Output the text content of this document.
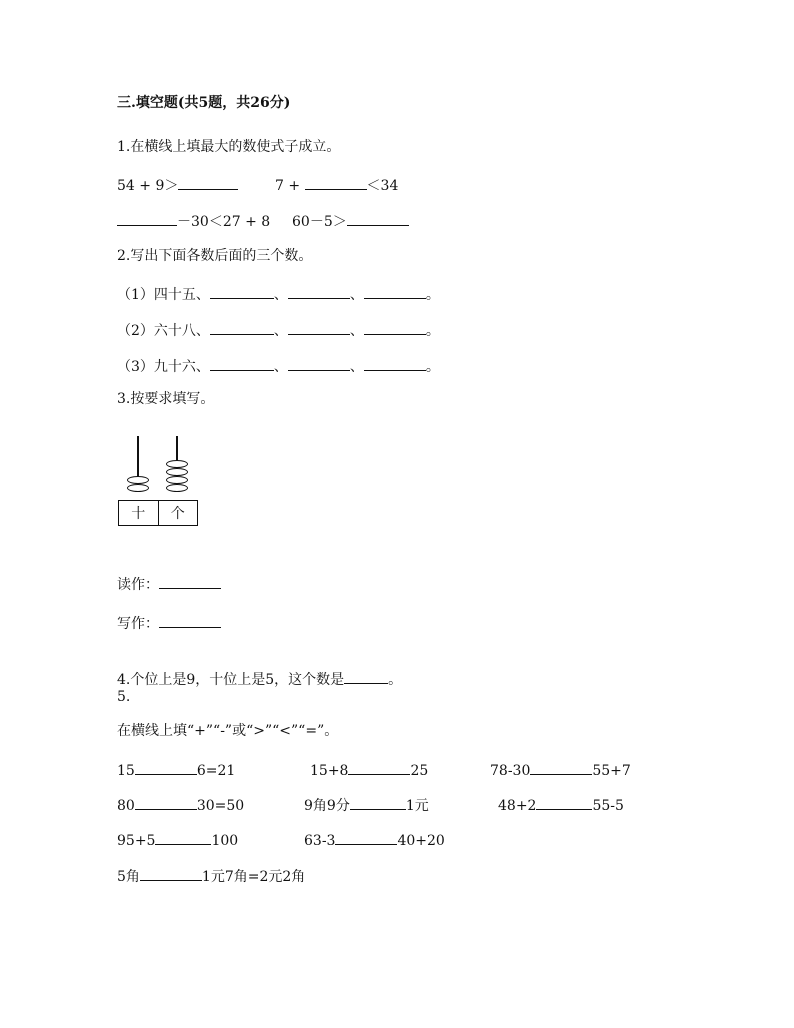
三.填空题(共5题，共26分)
1.在横线上填最大的数使式子成立。
54 + 9＞	7 +	＜34
－30＜27 + 8 60－5＞
2.写出下面各数后面的三个数。
（1）四十五、	、	、	。
（2）六十八、	、	、	。
（3）九十六、	、	、	。
3.按要求填写。
十	个
读作：
写作：
4.个位上是9，十位上是5，这个数是	。
5.
在横线上填“+”“-”或“>”“<”“=”。
15	6=21	15+8	25	78-30	55+7
80	30=50	9角9分	1元	48+2	55-5
95+5	100	63-3	40+20
5角	1元7角=2元2角
